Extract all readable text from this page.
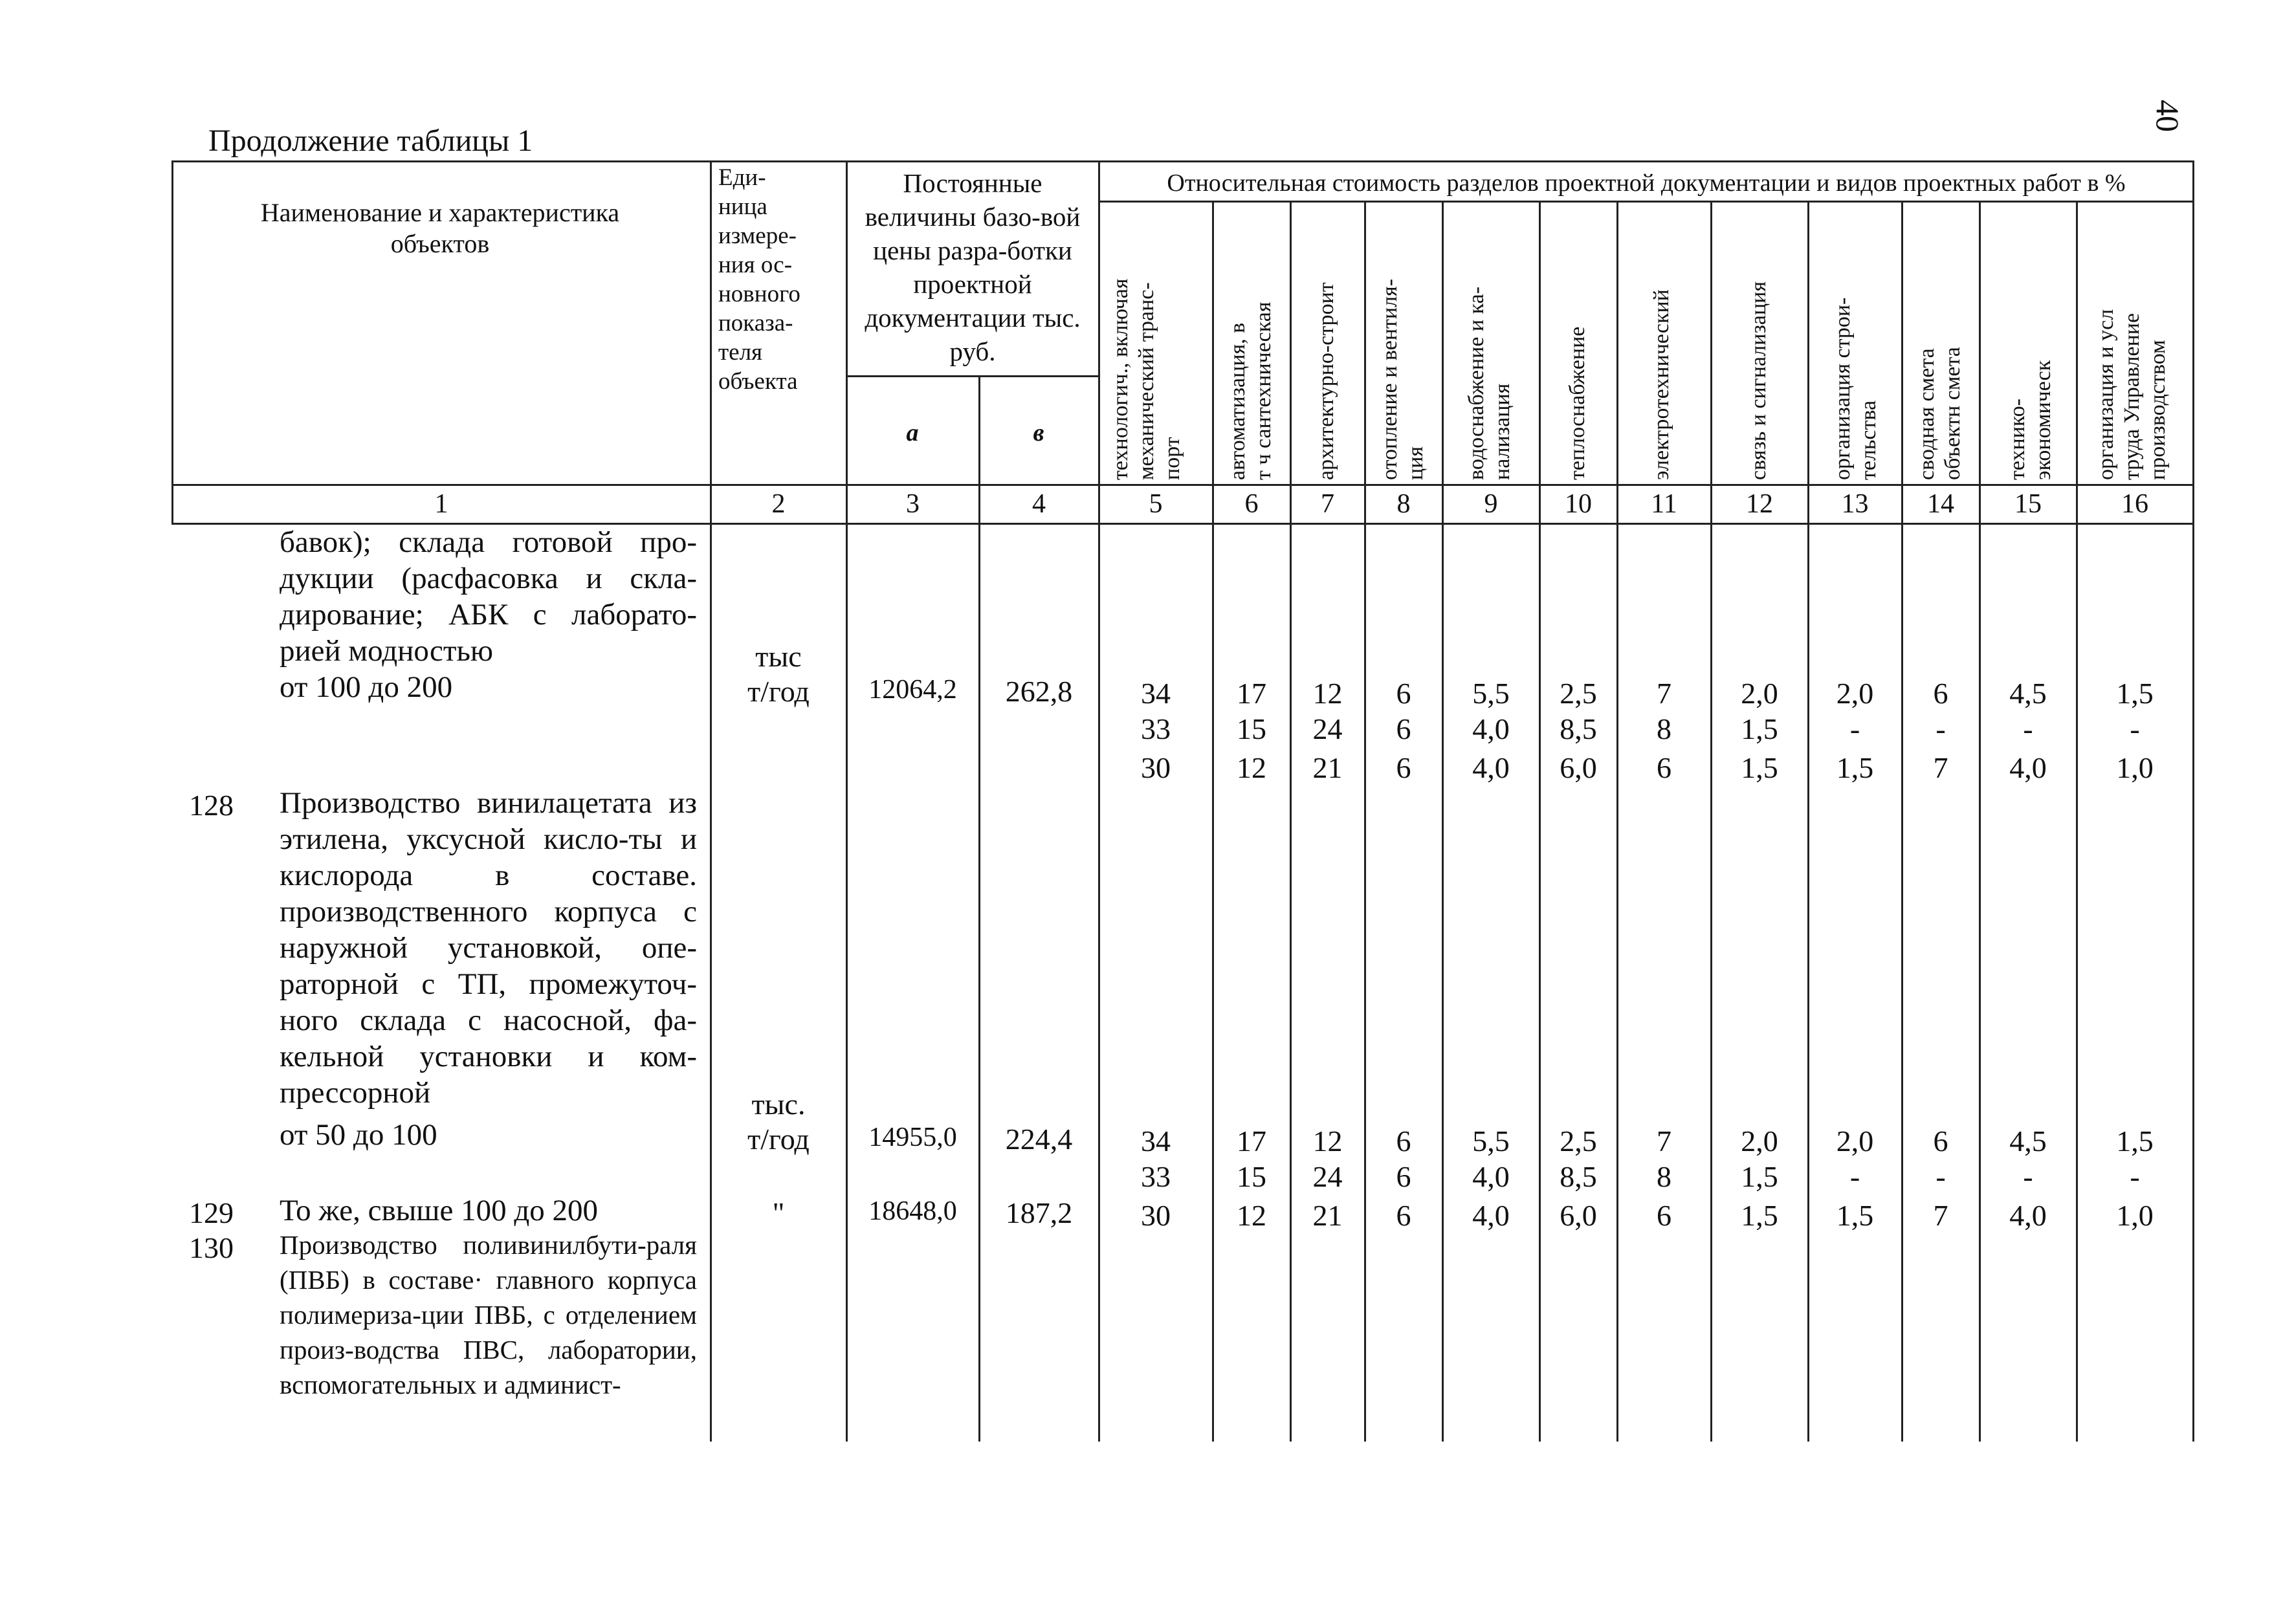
40
Продолжение таблицы 1
Наименование и характеристика объектов
Еди-
ница
измере-
ния ос-
новного
показа-
теля
объекта
Постоянные величины базо-вой цены разра-ботки проектной документации тыс. руб.
а	в
Относительная стоимость разделов проектной документации и видов проектных работ в %
технологич., включая
механический транс-
порт автоматизация, в
т ч сантехническая архитектурно-строит отопление и вентиля-
ция водоснабжение и ка-
нализация теплоснабжение	электротехнический	связь и сигнализация	организация строи-
тельства сводная смета
объектн смета
технико-
экономическ организация и усл
труда Управление
производством
1	2	3	4	5	6	7	8	9	10	11	12	13	14	15	16
бавок); склада готовой про-дукции (расфасовка и скла-дирование; АБК с лаборато-рией модностью
от 100 до 200
тыс
т/год	12064,2	262,8	34	17	12	6	5,5	2,5	7	2,0	2,0	6	4,5	1,5
33	15	24	6	4,0	8,5	8	1,5	-	-	-	-
30	12	21	6	4,0	6,0	6	1,5	1,5	7	4,0	1,0
128 Производство винилацетата из этилена, уксусной кисло-ты и кислорода в составе. производственного корпуса с наружной установкой, опе-раторной с ТП, промежуточ-ного склада с насосной, фа-кельной установки и ком-прессорной
от 50 до 100
тыс.
т/год	14955,0	224,4	34	17	12	6	5,5	2,5	7	2,0	2,0	6	4,5	1,5
33	15	24	6	4,0	8,5	8	1,5	-	-	-	-
129 То же, свыше 100 до 200	"	18648,0	187,2	30	12	21	6	4,0	6,0	6	1,5	1,5	7	4,0	1,0
130 Производство поливинилбути-раля (ПВБ) в составе· главного корпуса полимериза-ции ПВБ, с отделением произ-водства ПВС, лаборатории, вспомогательных и админист-
